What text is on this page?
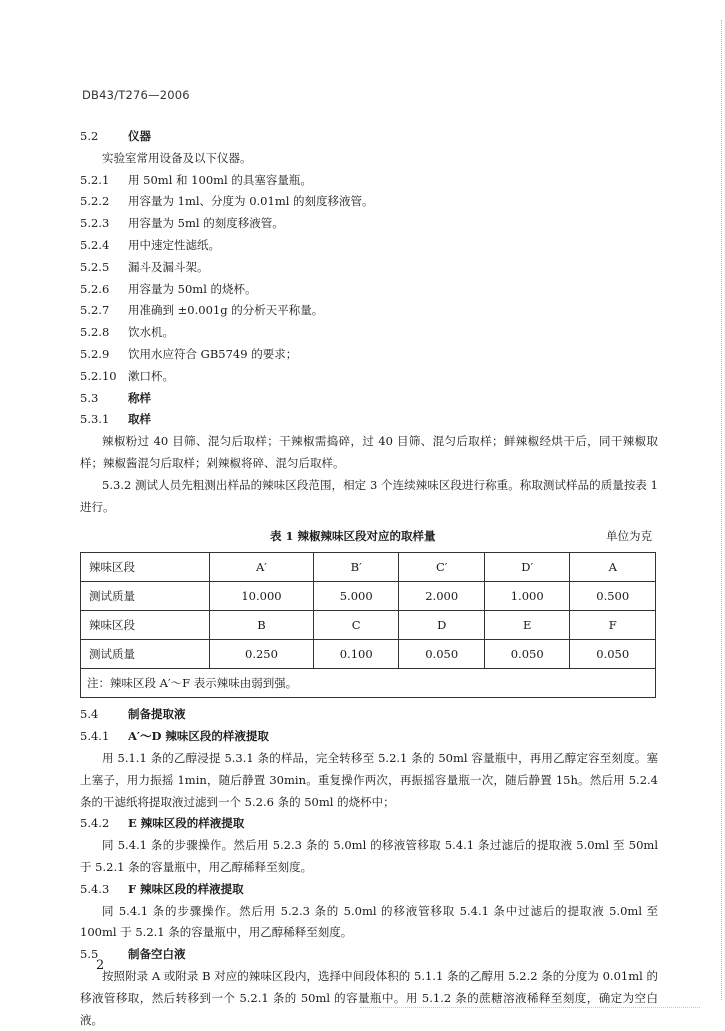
DB43/T276—2006
5.2	仪器
实验室常用设备及以下仪器。
5.2.1	用 50ml 和 100ml 的具塞容量瓶。
5.2.2	用容量为 1ml、分度为 0.01ml 的刻度移液管。
5.2.3	用容量为 5ml 的刻度移液管。
5.2.4	用中速定性滤纸。
5.2.5	漏斗及漏斗架。
5.2.6	用容量为 50ml 的烧杯。
5.2.7	用准确到 ±0.001g 的分析天平称量。
5.2.8	饮水机。
5.2.9	饮用水应符合 GB5749 的要求；
5.2.10 漱口杯。
5.3	称样
5.3.1	取样
辣椒粉过 40 目筛、混匀后取样；干辣椒需捣碎，过 40 目筛、混匀后取样；鲜辣椒经烘干后，同干辣椒取样；辣椒酱混匀后取样；剁辣椒将碎、混匀后取样。
5.3.2 测试人员先粗测出样品的辣味区段范围，相定 3 个连续辣味区段进行称重。称取测试样品的质量按表 1 进行。
表 1 辣椒辣味区段对应的取样量	单位为克
辣味区段	A′	B′	C′	D′	A
测试质量	10.000	5.000	2.000	1.000	0.500
辣味区段	B	C	D	E	F
测试质量	0.250	0.100	0.050	0.050	0.050
注：辣味区段 A′～F 表示辣味由弱到强。					
5.4	制备提取液
5.4.1	A′～D 辣味区段的样液提取
用 5.1.1 条的乙醇浸提 5.3.1 条的样品，完全转移至 5.2.1 条的 50ml 容量瓶中，再用乙醇定容至刻度。塞上塞子，用力振摇 1min，随后静置 30min。重复操作两次，再振摇容量瓶一次，随后静置 15h。然后用 5.2.4 条的干滤纸将提取液过滤到一个 5.2.6 条的 50ml 的烧杯中；
5.4.2	E 辣味区段的样液提取
同 5.4.1 条的步骤操作。然后用 5.2.3 条的 5.0ml 的移液管移取 5.4.1 条过滤后的提取液 5.0ml 至 50ml 于 5.2.1 条的容量瓶中，用乙醇稀释至刻度。
5.4.3	F 辣味区段的样液提取
同 5.4.1 条的步骤操作。然后用 5.2.3 条的 5.0ml 的移液管移取 5.4.1 条中过滤后的提取液 5.0ml 至 100ml 于 5.2.1 条的容量瓶中，用乙醇稀释至刻度。
5.5	制备空白液
按照附录 A 或附录 B 对应的辣味区段内，选择中间段体积的 5.1.1 条的乙醇用 5.2.2 条的分度为 0.01ml 的移液管移取，然后转移到一个 5.2.1 条的 50ml 的容量瓶中。用 5.1.2 条的蔗糖溶液稀释至刻度，确定为空白液。
2
